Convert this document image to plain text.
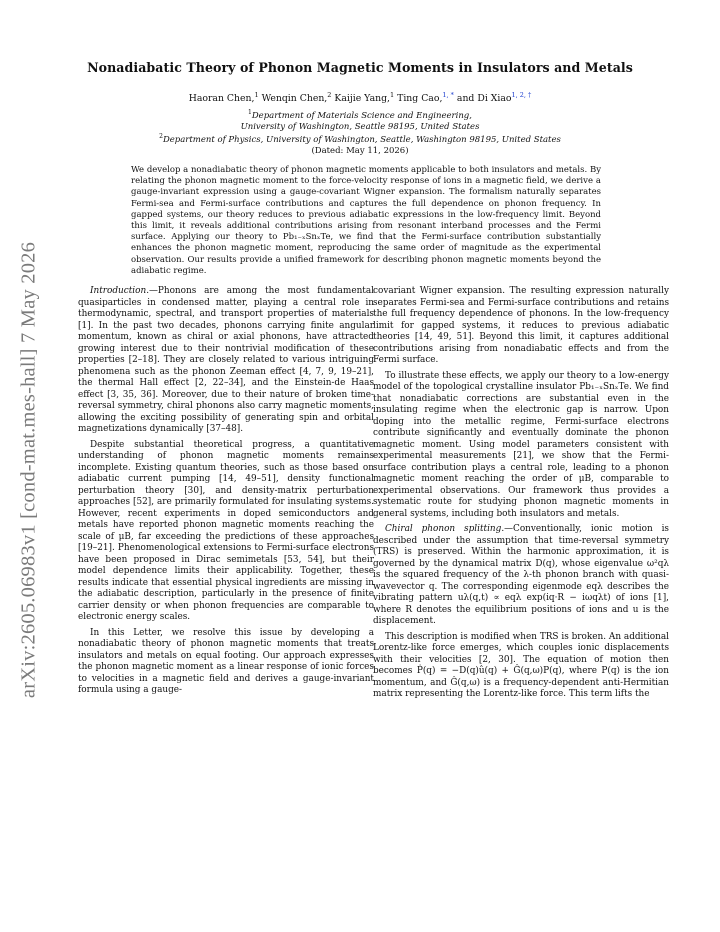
arXiv:2605.06983v1 [cond-mat.mes-hall] 7 May 2026
Nonadiabatic Theory of Phonon Magnetic Moments in Insulators and Metals
Haoran Chen,$^1$ Wenqin Chen,$^2$ Kaijie Yang,$^1$ Ting Cao,$^{1, *}$ and Di Xiao$^{1, 2, \dagger}$
$^1$Department of Materials Science and Engineering,
University of Washington, Seattle 98195, United States
$^2$Department of Physics, University of Washington, Seattle, Washington 98195, United States
(Dated: May 11, 2026)
We develop a nonadiabatic theory of phonon magnetic moments applicable to both insulators and metals. By relating the phonon magnetic moment to the force-velocity response of ions in a magnetic field, we derive a gauge-invariant expression using a gauge-covariant Wigner expansion. The formalism naturally separates Fermi-sea and Fermi-surface contributions and captures the full dependence on phonon frequency. In gapped systems, our theory reduces to previous adiabatic expressions in the low-frequency limit. Beyond this limit, it reveals additional contributions arising from resonant interband processes and the Fermi surface. Applying our theory to Pb₁₋ₓSnₓTe, we find that the Fermi-surface contribution substantially enhances the phonon magnetic moment, reproducing the same order of magnitude as the experimental observation. Our results provide a unified framework for describing phonon magnetic moments beyond the adiabatic regime.

Introduction.—Phonons are among the most fundamental quasiparticles in condensed matter, playing a central role in thermodynamic, spectral, and transport properties of materials [1]. In the past two decades, phonons carrying finite angular momentum, known as chiral or axial phonons, have attracted growing interest due to their nontrivial modification of these properties [2–18]. They are closely related to various intriguing phenomena such as the phonon Zeeman effect [4, 7, 9, 19–21], the thermal Hall effect [2, 22–34], and the Einstein-de Haas effect [3, 35, 36]. Moreover, due to their nature of broken time-reversal symmetry, chiral phonons also carry magnetic moments, allowing the exciting possibility of generating spin and orbital magnetizations dynamically [37–48].

Despite substantial theoretical progress, a quantitative understanding of phonon magnetic moments remains incomplete. Existing quantum theories, such as those based on adiabatic current pumping [14, 49–51], density functional perturbation theory [30], and density-matrix perturbation approaches [52], are primarily formulated for insulating systems. However, recent experiments in doped semiconductors and metals have reported phonon magnetic moments reaching the scale of μB, far exceeding the predictions of these approaches [19–21]. Phenomenological extensions to Fermi-surface electrons have been proposed in Dirac semimetals [53, 54], but their model dependence limits their applicability. Together, these results indicate that essential physical ingredients are missing in the adiabatic description, particularly in the presence of finite carrier density or when phonon frequencies are comparable to electronic energy scales.

In this Letter, we resolve this issue by developing a nonadiabatic theory of phonon magnetic moments that treats insulators and metals on equal footing. Our approach expresses the phonon magnetic moment as a linear response of ionic forces to velocities in a magnetic field and derives a gauge-invariant formula using a gauge-

covariant Wigner expansion. The resulting expression naturally separates Fermi-sea and Fermi-surface contributions and retains the full frequency dependence of phonons. In the low-frequency limit for gapped systems, it reduces to previous adiabatic theories [14, 49, 51]. Beyond this limit, it captures additional contributions arising from nonadiabatic effects and from the Fermi surface.

To illustrate these effects, we apply our theory to a low-energy model of the topological crystalline insulator Pb₁₋ₓSnₓTe. We find that nonadiabatic corrections are substantial even in the insulating regime when the electronic gap is narrow. Upon doping into the metallic regime, Fermi-surface electrons contribute significantly and eventually dominate the phonon magnetic moment. Using model parameters consistent with experimental measurements [21], we show that the Fermi-surface contribution plays a central role, leading to a phonon magnetic moment reaching the order of μB, comparable to experimental observations. Our framework thus provides a systematic route for studying phonon magnetic moments in general systems, including both insulators and metals.

Chiral phonon splitting.—Conventionally, ionic motion is described under the assumption that time-reversal symmetry (TRS) is preserved. Within the harmonic approximation, it is governed by the dynamical matrix D(q), whose eigenvalue ω²qλ is the squared frequency of the λ-th phonon branch with quasi-wavevector q. The corresponding eigenmode eqλ describes the vibrating pattern uλ(q,t) ∝ eqλ exp(iq·R − iωqλt) of ions [1], where R denotes the equilibrium positions of ions and u is the displacement.

This description is modified when TRS is broken. An additional Lorentz-like force emerges, which couples ionic displacements with their velocities [2, 30]. The equation of motion then becomes Ṗ(q) = −D(q)û(q) + Ĝ(q,ω)P(q), where P(q) is the ion momentum, and Ĝ(q,ω) is a frequency-dependent anti-Hermitian matrix representing the Lorentz-like force. This term lifts the
